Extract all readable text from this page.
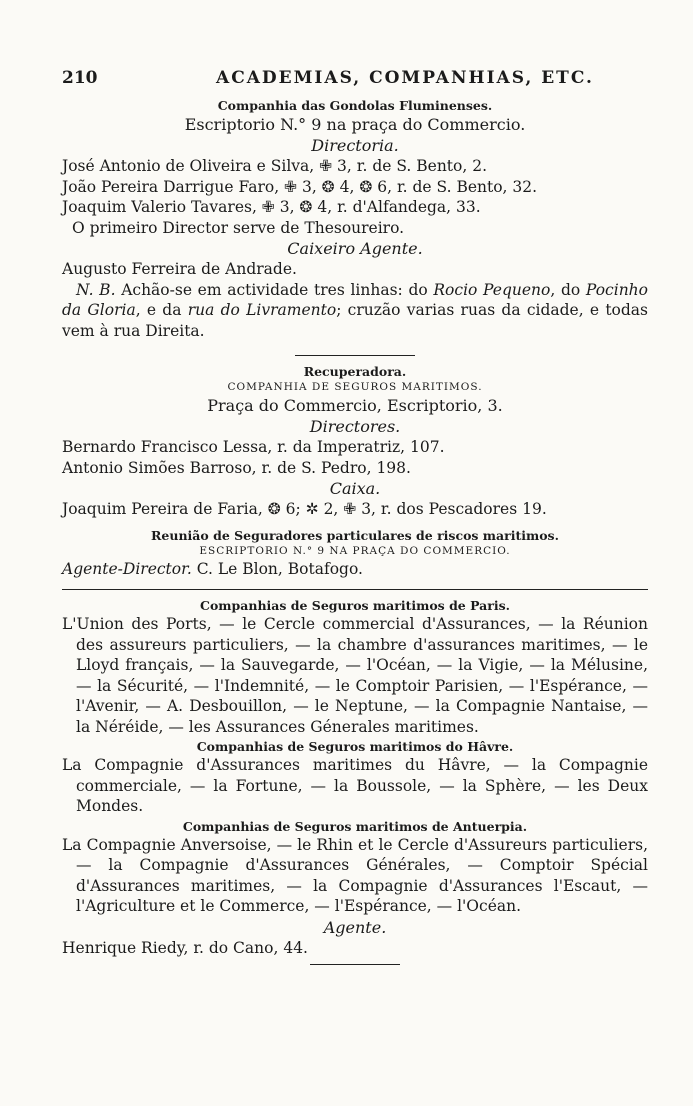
210	ACADEMIAS, COMPANHIAS, ETC.
Companhia das Gondolas Fluminenses.
Escriptorio N.° 9 na praça do Commercio.
Directoria.
José Antonio de Oliveira e Silva, ✙ 3, r. de S. Bento, 2.
João Pereira Darrigue Faro, ✙ 3, ❂ 4, ❂ 6, r. de S. Bento, 32.
Joaquim Valerio Tavares, ✙ 3, ❂ 4, r. d'Alfandega, 33.
O primeiro Director serve de Thesoureiro.
Caixeiro Agente.
Augusto Ferreira de Andrade.
N. B. Achão-se em actividade tres linhas: do Rocio Pequeno, do Pocinho da Gloria, e da rua do Livramento; cruzão varias ruas da cidade, e todas vem à rua Direita.
Recuperadora.
COMPANHIA DE SEGUROS MARITIMOS.
Praça do Commercio, Escriptorio, 3.
Directores.
Bernardo Francisco Lessa, r. da Imperatriz, 107.
Antonio Simões Barroso, r. de S. Pedro, 198.
Caixa.
Joaquim Pereira de Faria, ❂ 6; ✲ 2, ✙ 3, r. dos Pescadores 19.
Reunião de Seguradores particulares de riscos maritimos.
ESCRIPTORIO N.° 9 NA PRAÇA DO COMMERCIO.
Agente-Director. C. Le Blon, Botafogo.
Companhias de Seguros maritimos de Paris.
L'Union des Ports, — le Cercle commercial d'Assurances, — la Réunion des assureurs particuliers, — la chambre d'assurances maritimes, — le Lloyd français, — la Sauvegarde, — l'Océan, — la Vigie, — la Mélusine, — la Sécurité, — l'Indemnité, — le Comptoir Parisien, — l'Espérance, — l'Avenir, — A. Desbouillon, — le Neptune, — la Compagnie Nantaise, — la Néréide, — les Assurances Génerales maritimes.
Companhias de Seguros maritimos do Hâvre.
La Compagnie d'Assurances maritimes du Hâvre, — la Compagnie commerciale, — la Fortune, — la Boussole, — la Sphère, — les Deux Mondes.
Companhias de Seguros maritimos de Antuerpia.
La Compagnie Anversoise, — le Rhin et le Cercle d'Assureurs particuliers, — la Compagnie d'Assurances Générales, — Comptoir Spécial d'Assurances maritimes, — la Compagnie d'Assurances l'Escaut, — l'Agriculture et le Commerce, — l'Espérance, — l'Océan.
Agente.
Henrique Riedy, r. do Cano, 44.
